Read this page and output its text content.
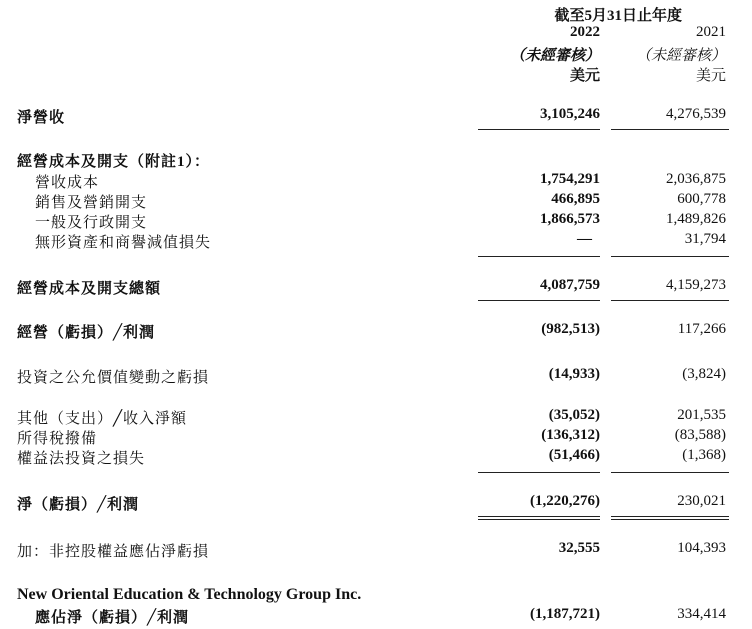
截至5月31日止年度
2022
（未經審核）
美元
2021
（未經審核）
美元
淨營收	3,105,246	4,276,539
經營成本及開支（附註1）：
營收成本	1,754,291	2,036,875
銷售及營銷開支	466,895	600,778
一般及行政開支	1,866,573	1,489,826
無形資產和商譽減值損失	—	31,794
經營成本及開支總額	4,087,759	4,159,273
經營（虧損）╱利潤	(982,513)	117,266
投資之公允價值變動之虧損	(14,933)	(3,824)
其他（支出）╱收入淨額	(35,052)	201,535
所得稅撥備	(136,312)	(83,588)
權益法投資之損失	(51,466)	(1,368)
淨（虧損）╱利潤	(1,220,276)	230,021
加：非控股權益應佔淨虧損	32,555	104,393
New Oriental Education & Technology Group Inc.
應佔淨（虧損）╱利潤	(1,187,721)	334,414
